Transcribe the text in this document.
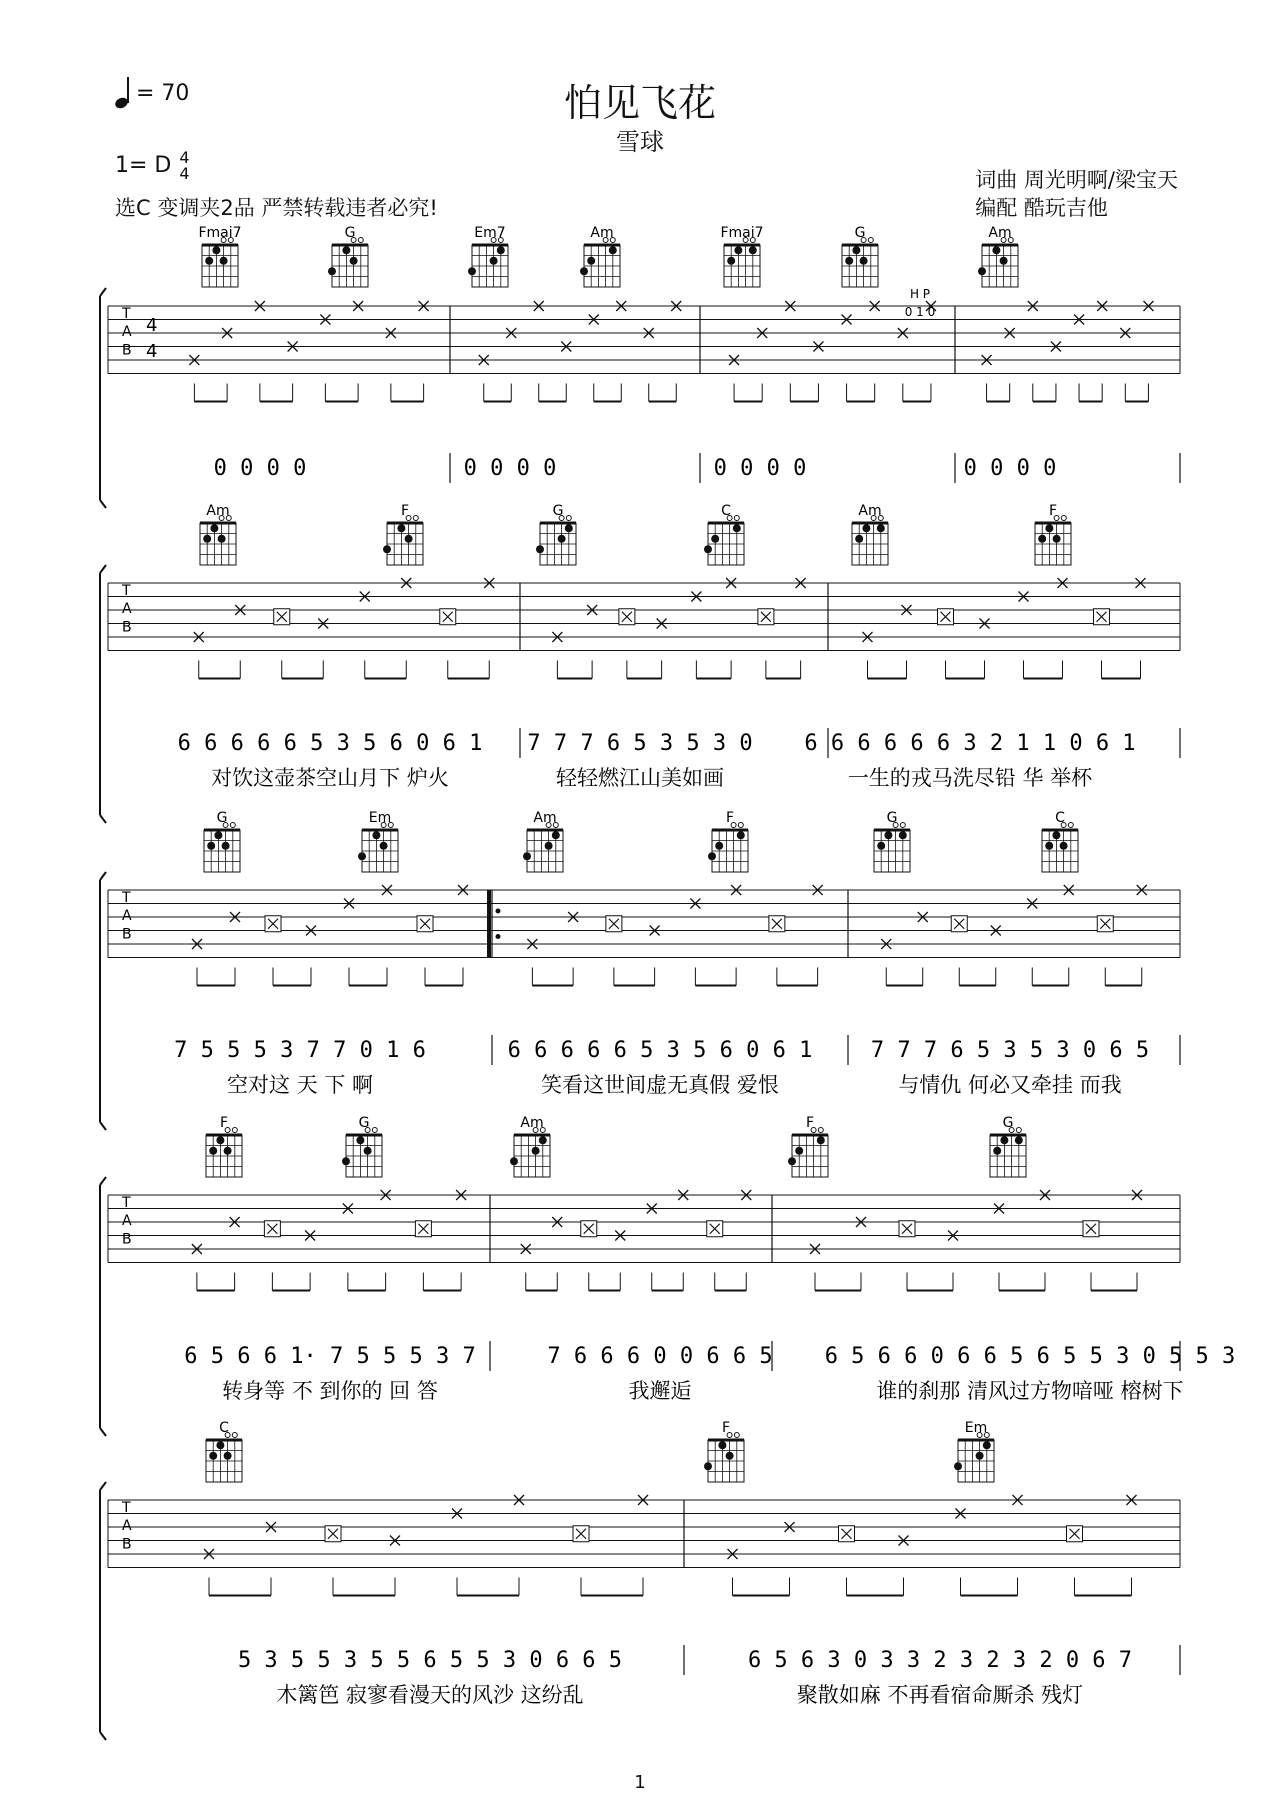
怕见飞花
雪球
= 70
1= D 4
4
选C 变调夹2品 严禁转载违者必究!
词曲 周光明啊/梁宝天
编配 酷玩吉他
T
A
B
4
4
0 0 0 0	0 0 0 0	0 0 0 0	0 0 0 0
H P
0 1 0
Fmai7	G	Em7	Am	Fmai7	G	Am
T
A
B
6 6 6 6 6 5 3 5 6 0 6 1 7 7 7 6 5 3 5 3 0 6 6 6 6 6 6 3 2 1 1 0 6 1
对饮这壶茶空山月下 炉火	轻轻燃江山美如画	一生的戎马洗尽铅 华 举杯
Am	F	G	C	Am	F
T
A
B
7 5 5 5 3 7 7 0 1 6	6 6 6 6 6 5 3 5 6 0 6 1	7 7 7 6 5 3 5 3 0 6 5
空对这 天 下 啊	笑看这世间虚无真假 爱恨	与情仇 何必又牵挂 而我
G	Em	Am	F	G	C
T
A
B
6 5 6 6 1· 7 5 5 5 3 7	7 6 6 6 0 0 6 6 5 6 5 6 6 0 6 6 5 6 5 5 3 0 5 5 3
转身等 不 到你的 回 答	我邂逅	谁的刹那 清风过方物喑哑 榕树下
F	G	Am	F	G
T
A
B
5 3 5 5 3 5 5 6 5 5 3 0 6 6 5	6 5 6 3 0 3 3 2 3 2 3 2 0 6 7
木篱笆 寂寥看漫天的风沙 这纷乱	聚散如麻 不再看宿命厮杀 残灯
C	F	Em
1
